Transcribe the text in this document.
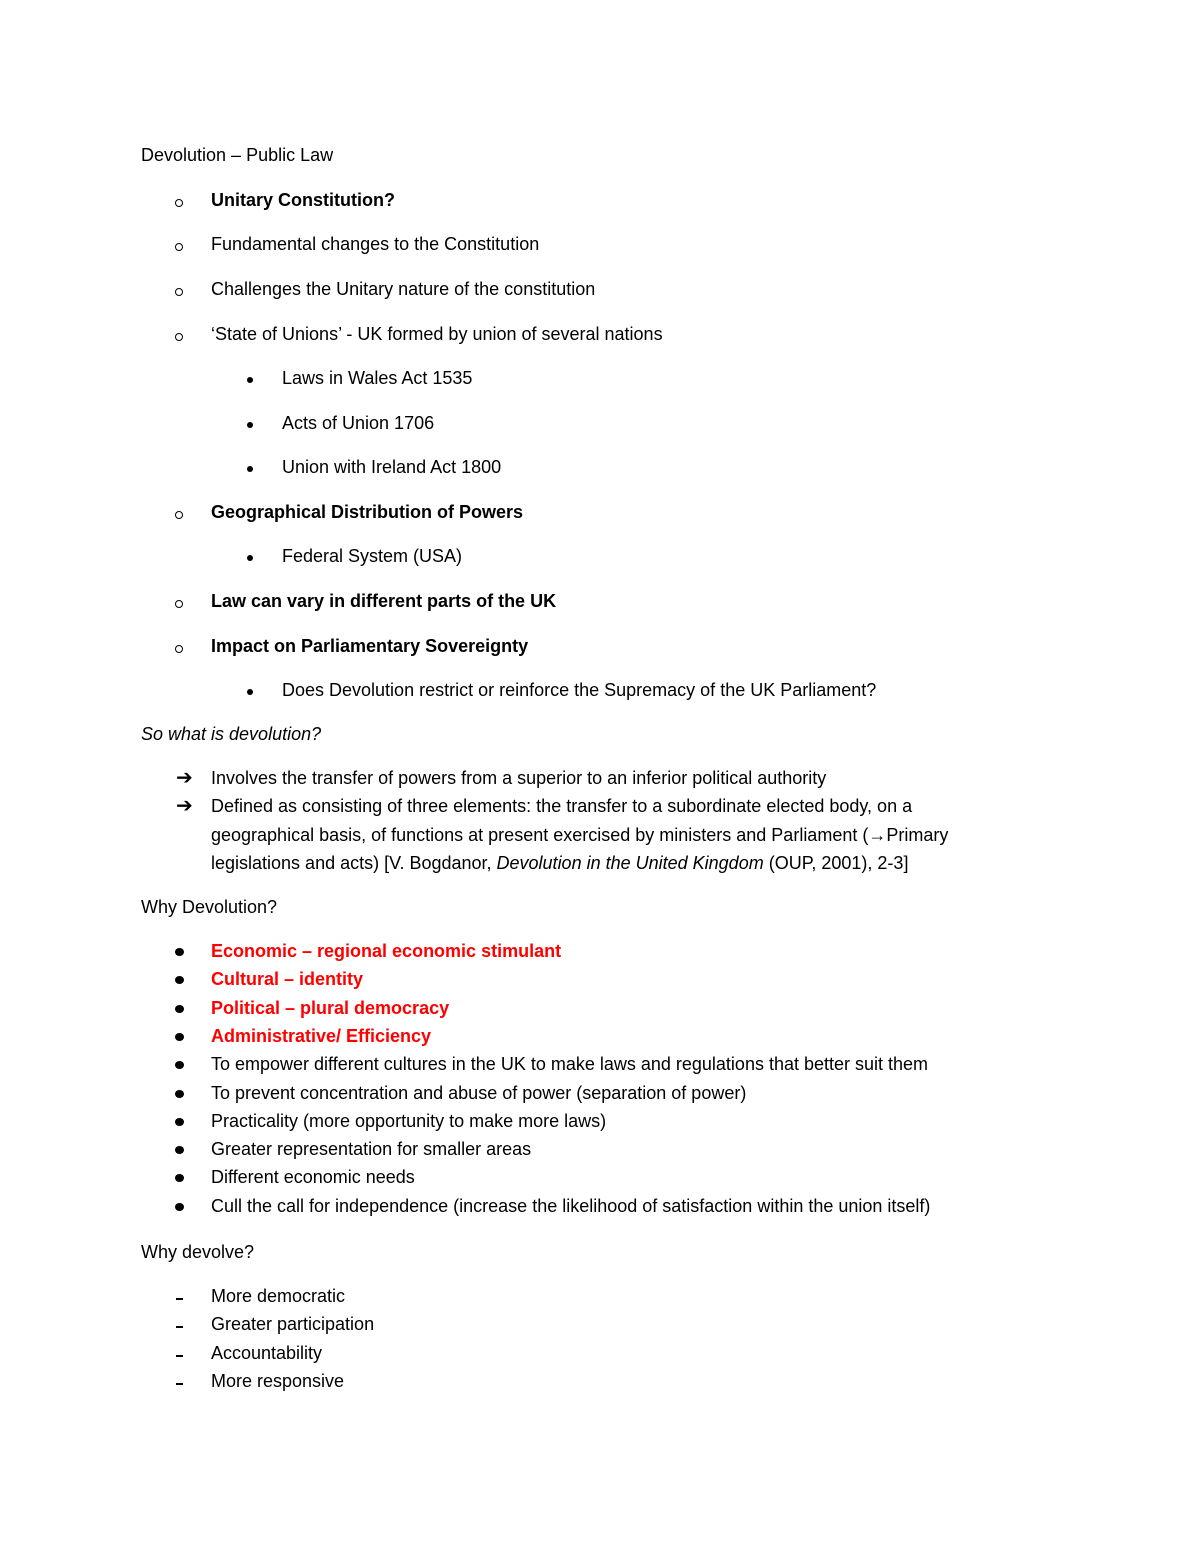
Devolution – Public Law
Unitary Constitution?
Fundamental changes to the Constitution
Challenges the Unitary nature of the constitution
‘State of Unions’ - UK formed by union of several nations
Laws in Wales Act 1535
Acts of Union 1706
Union with Ireland Act 1800
Geographical Distribution of Powers
Federal System (USA)
Law can vary in different parts of the UK
Impact on Parliamentary Sovereignty
Does Devolution restrict or reinforce the Supremacy of the UK Parliament?
So what is devolution?
➔ Involves the transfer of powers from a superior to an inferior political authority
➔ Defined as consisting of three elements: the transfer to a subordinate elected body, on a
geographical basis, of functions at present exercised by ministers and Parliament (→Primary
legislations and acts) [V. Bogdanor, Devolution in the United Kingdom (OUP, 2001), 2-3]
Why Devolution?
Economic – regional economic stimulant
Cultural – identity
Political – plural democracy
Administrative/ Efficiency
To empower different cultures in the UK to make laws and regulations that better suit them
To prevent concentration and abuse of power (separation of power)
Practicality (more opportunity to make more laws)
Greater representation for smaller areas
Different economic needs
Cull the call for independence (increase the likelihood of satisfaction within the union itself)
Why devolve?
More democratic
Greater participation
Accountability
More responsive
